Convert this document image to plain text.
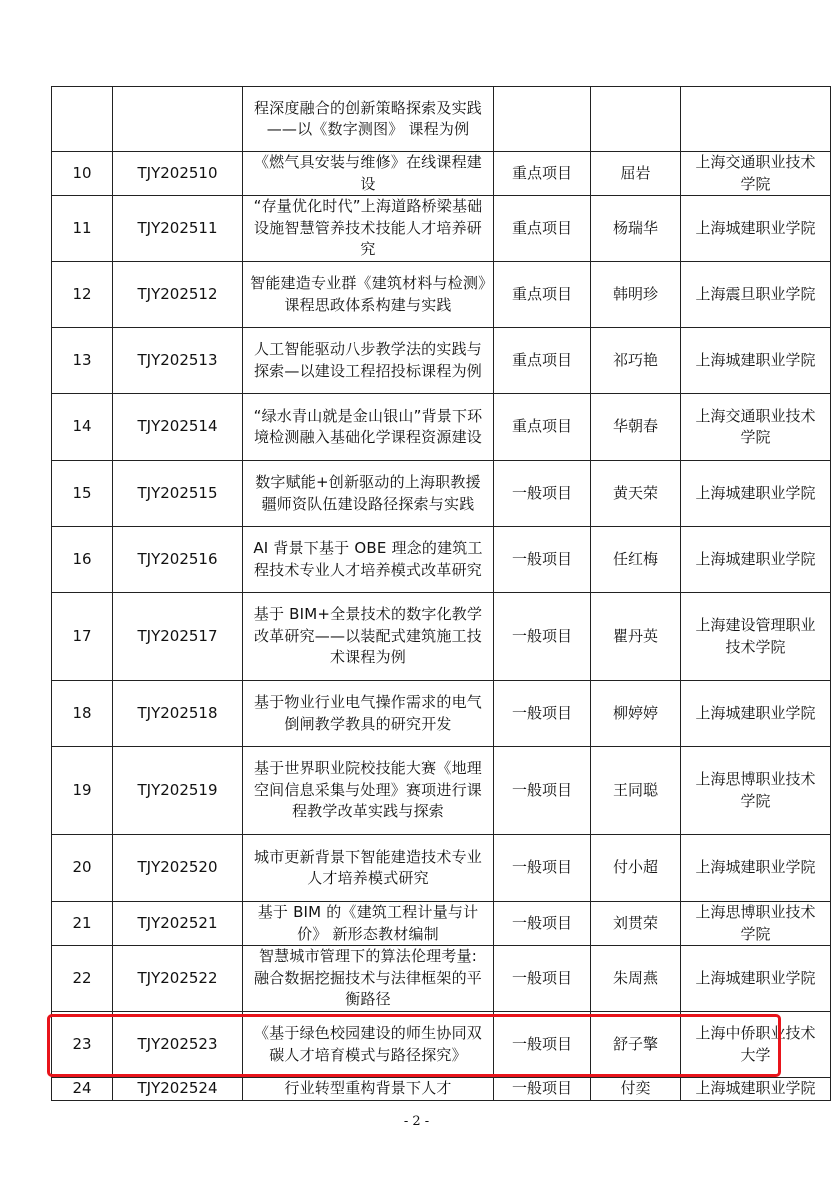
		程深度融合的创新策略探索及实践——以《数字测图》 课程为例			
10	TJY202510	《燃气具安装与维修》在线课程建设	重点项目	屈岩	上海交通职业技术学院
11	TJY202511	“存量优化时代”上海道路桥梁基础设施智慧管养技术技能人才培养研究	重点项目	杨瑞华	上海城建职业学院
12	TJY202512	智能建造专业群《建筑材料与检测》课程思政体系构建与实践	重点项目	韩明珍	上海震旦职业学院
13	TJY202513	人工智能驱动八步教学法的实践与探索—以建设工程招投标课程为例	重点项目	祁巧艳	上海城建职业学院
14	TJY202514	“绿水青山就是金山银山”背景下环境检测融入基础化学课程资源建设	重点项目	华朝春	上海交通职业技术学院
15	TJY202515	数字赋能+创新驱动的上海职教援疆师资队伍建设路径探索与实践	一般项目	黄天荣	上海城建职业学院
16	TJY202516	AI 背景下基于 OBE 理念的建筑工程技术专业人才培养模式改革研究	一般项目	任红梅	上海城建职业学院
17	TJY202517	基于 BIM+全景技术的数字化教学改革研究——以装配式建筑施工技术课程为例	一般项目	瞿丹英	上海建设管理职业技术学院
18	TJY202518	基于物业行业电气操作需求的电气倒闸教学教具的研究开发	一般项目	柳婷婷	上海城建职业学院
19	TJY202519	基于世界职业院校技能大赛《地理空间信息采集与处理》赛项进行课程教学改革实践与探索	一般项目	王同聪	上海思博职业技术学院
20	TJY202520	城市更新背景下智能建造技术专业人才培养模式研究	一般项目	付小超	上海城建职业学院
21	TJY202521	基于 BIM 的《建筑工程计量与计价》 新形态教材编制	一般项目	刘贯荣	上海思博职业技术学院
22	TJY202522	智慧城市管理下的算法伦理考量: 融合数据挖掘技术与法律框架的平衡路径	一般项目	朱周燕	上海城建职业学院
23	TJY202523	《基于绿色校园建设的师生协同双碳人才培育模式与路径探究》	一般项目	舒子擎	上海中侨职业技术大学
24	TJY202524	行业转型重构背景下人才	一般项目	付奕	上海城建职业学院
- 2 -
